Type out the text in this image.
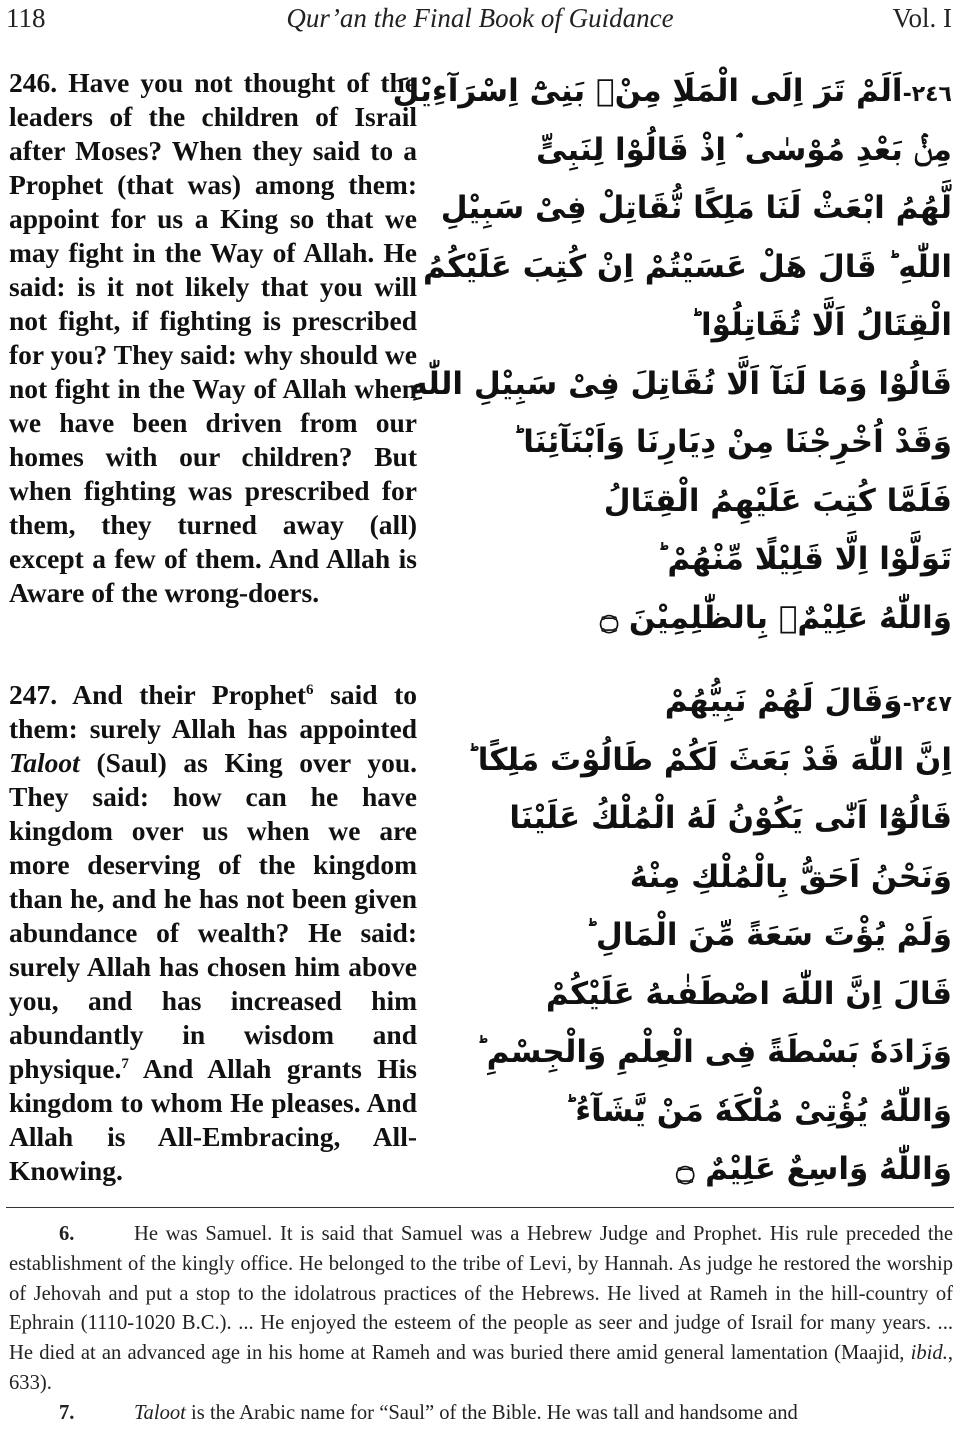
118	Qur’an the Final Book of Guidance	Vol. I
246. Have you not thought of the leaders of the children of Israil after Moses? When they said to a Prophet (that was) among them: appoint for us a King so that we may fight in the Way of Allah. He said: is it not likely that you will not fight, if fighting is prescribed for you? They said: why should we not fight in the Way of Allah when we have been driven from our homes with our children? But when fighting was prescribed for them, they turned away (all) except a few of them. And Allah is Aware of the wrong-doers.
٢٤٦-اَلَمْ تَرَ اِلَى الْمَلَاِ مِنْۢ بَنِىْٓ اِسْرَآءِيْلَ
مِنْۢ بَعْدِ مُوْسٰى ۘ اِذْ قَالُوْا لِنَبِىٍّ
لَّهُمُ ابْعَثْ لَنَا مَلِكًا نُّقَاتِلْ فِىْ سَبِيْلِ
اللّٰهِ ؕ قَالَ هَلْ عَسَيْتُمْ اِنْ كُتِبَ عَلَيْكُمُ
الْقِتَالُ اَلَّا تُقَاتِلُوْا ؕ
قَالُوْا وَمَا لَنَآ اَلَّا نُقَاتِلَ فِىْ سَبِيْلِ اللّٰهِ
وَقَدْ اُخْرِجْنَا مِنْ دِيَارِنَا وَاَبْنَآئِنَا ؕ
فَلَمَّا كُتِبَ عَلَيْهِمُ الْقِتَالُ
تَوَلَّوْا اِلَّا قَلِيْلًا مِّنْهُمْ ؕ
وَاللّٰهُ عَلِيْمٌۢ بِالظّٰلِمِيْنَ ۝
247. And their Prophet$^6$ said to them: surely Allah has appointed Taloot (Saul) as King over you. They said: how can he have kingdom over us when we are more deserving of the kingdom than he, and he has not been given abundance of wealth? He said: surely Allah has chosen him above you, and has increased him abundantly in wisdom and physique.$^7$ And Allah grants His kingdom to whom He pleases. And Allah is All-Embracing, All-Knowing.
٢٤٧-وَقَالَ لَهُمْ نَبِيُّهُمْ
اِنَّ اللّٰهَ قَدْ بَعَثَ لَكُمْ طَالُوْتَ مَلِكًا ؕ
قَالُوْٓا اَنّٰى يَكُوْنُ لَهُ الْمُلْكُ عَلَيْنَا
وَنَحْنُ اَحَقُّ بِالْمُلْكِ مِنْهُ
وَلَمْ يُؤْتَ سَعَةً مِّنَ الْمَالِ ؕ
قَالَ اِنَّ اللّٰهَ اصْطَفٰىهُ عَلَيْكُمْ
وَزَادَهٗ بَسْطَةً فِى الْعِلْمِ وَالْجِسْمِ ؕ
وَاللّٰهُ يُؤْتِىْ مُلْكَهٗ مَنْ يَّشَآءُ ؕ
وَاللّٰهُ وَاسِعٌ عَلِيْمٌ ۝

6.	He was Samuel. It is said that Samuel was a Hebrew Judge and Prophet. His rule preceded the establishment of the kingly office. He belonged to the tribe of Levi, by Hannah. As judge he restored the worship of Jehovah and put a stop to the idolatrous practices of the Hebrews. He lived at Rameh in the hill-country of Ephrain (1110-1020 B.C.). ... He enjoyed the esteem of the people as seer and judge of Israil for many years. ... He died at an advanced age in his home at Rameh and was buried there amid general lamentation (Maajid, ibid., 633).

7.	Taloot is the Arabic name for “Saul” of the Bible. He was tall and handsome and
